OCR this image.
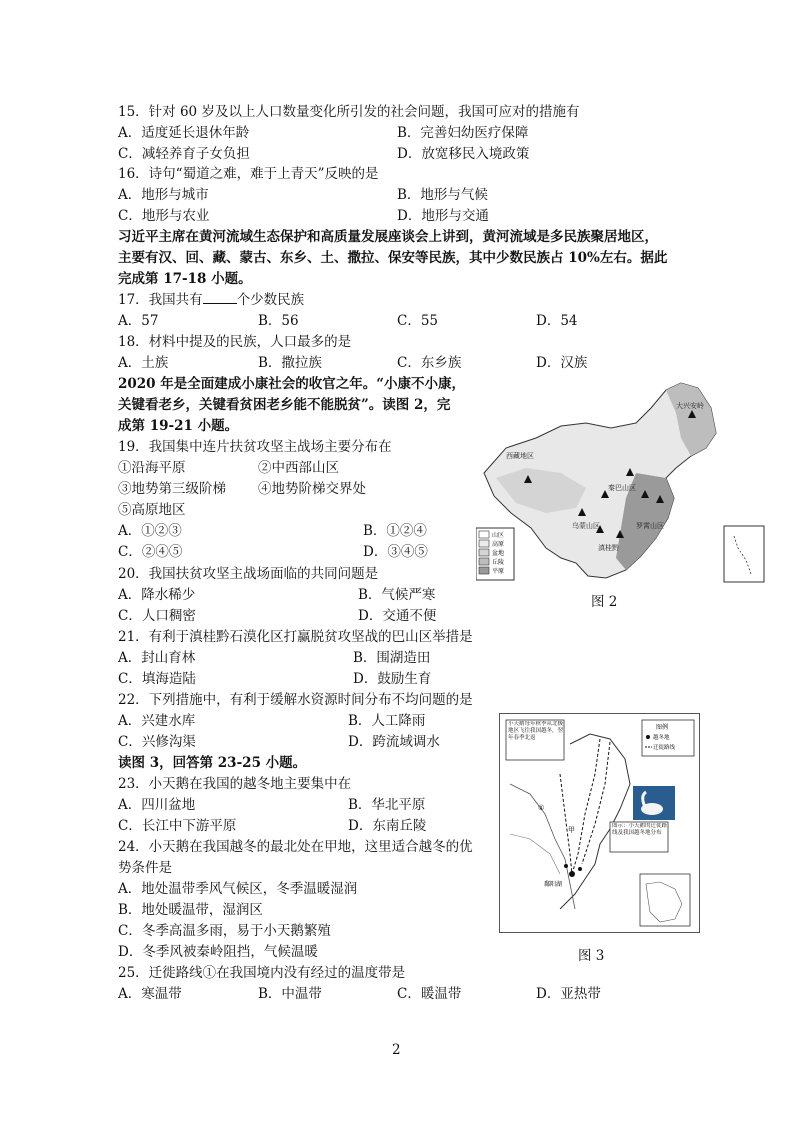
15．针对 60 岁及以上人口数量变化所引发的社会问题，我国可应对的措施有
A．适度延长退休年龄	B．完善妇幼医疗保障
C．减轻养育子女负担	D．放宽移民入境政策
16．诗句“蜀道之难，难于上青天”反映的是
A．地形与城市	B．地形与气候
C．地形与农业	D．地形与交通
习近平主席在黄河流域生态保护和高质量发展座谈会上讲到，黄河流域是多民族聚居地区，
主要有汉、回、藏、蒙古、东乡、土、撒拉、保安等民族，其中少数民族占 10%左右。据此
完成第 17-18 小题。
17．我国共有	个少数民族
A．57	B．56	C．55	D．54
18．材料中提及的民族，人口最多的是
A．土族	B．撒拉族	C．东乡族	D．汉族
2020 年是全面建成小康社会的收官之年。“小康不小康，
关键看老乡，关键看贫困老乡能不能脱贫”。读图 2，完
成第 19-21 小题。
19．我国集中连片扶贫攻坚主战场主要分布在
①沿海平原	②中西部山区
③地势第三级阶梯 ④地势阶梯交界处
⑤高原地区
A．①②③	B．①②④
C．②④⑤	D．③④⑤
20．我国扶贫攻坚主战场面临的共同问题是
A．降水稀少	B．气候严寒
C．人口稠密	D．交通不便
21．有利于滇桂黔石漠化区打赢脱贫攻坚战的巴山区举措是
A．封山育林	B．围湖造田
C．填海造陆	D．鼓励生育
22．下列措施中，有利于缓解水资源时间分布不均问题的是
A．兴建水库	B．人工降雨
C．兴修沟渠	D．跨流域调水
读图 3，回答第 23-25 小题。
23．小天鹅在我国的越冬地主要集中在
A．四川盆地	B．华北平原
C．长江中下游平原	D．东南丘陵
24．小天鹅在我国越冬的最北处在甲地，这里适合越冬的优
势条件是
A．地处温带季风气候区，冬季温暖湿润
B．地处暖温带，湿润区
C．冬季高温多雨，易于小天鹅繁殖
D．冬季风被秦岭阻挡，气候温暖
25．迁徙路线①在我国境内没有经过的温度带是
A．寒温带	B．中温带	C．暖温带	D．亚热带
西藏地区
秦巴山区
乌蒙山区	罗霄山区
大兴安岭
滇桂黔
山区
高原
盆地
丘陵
平原
图 2
小天鹅每年秋季从北极地区飞往我国越冬，翌年春季北返
图例
越冬地
迁徙路线
①
甲
鄱阳湖
图示：小天鹅的迁徙路线及我国越冬地分布
图 3
2
